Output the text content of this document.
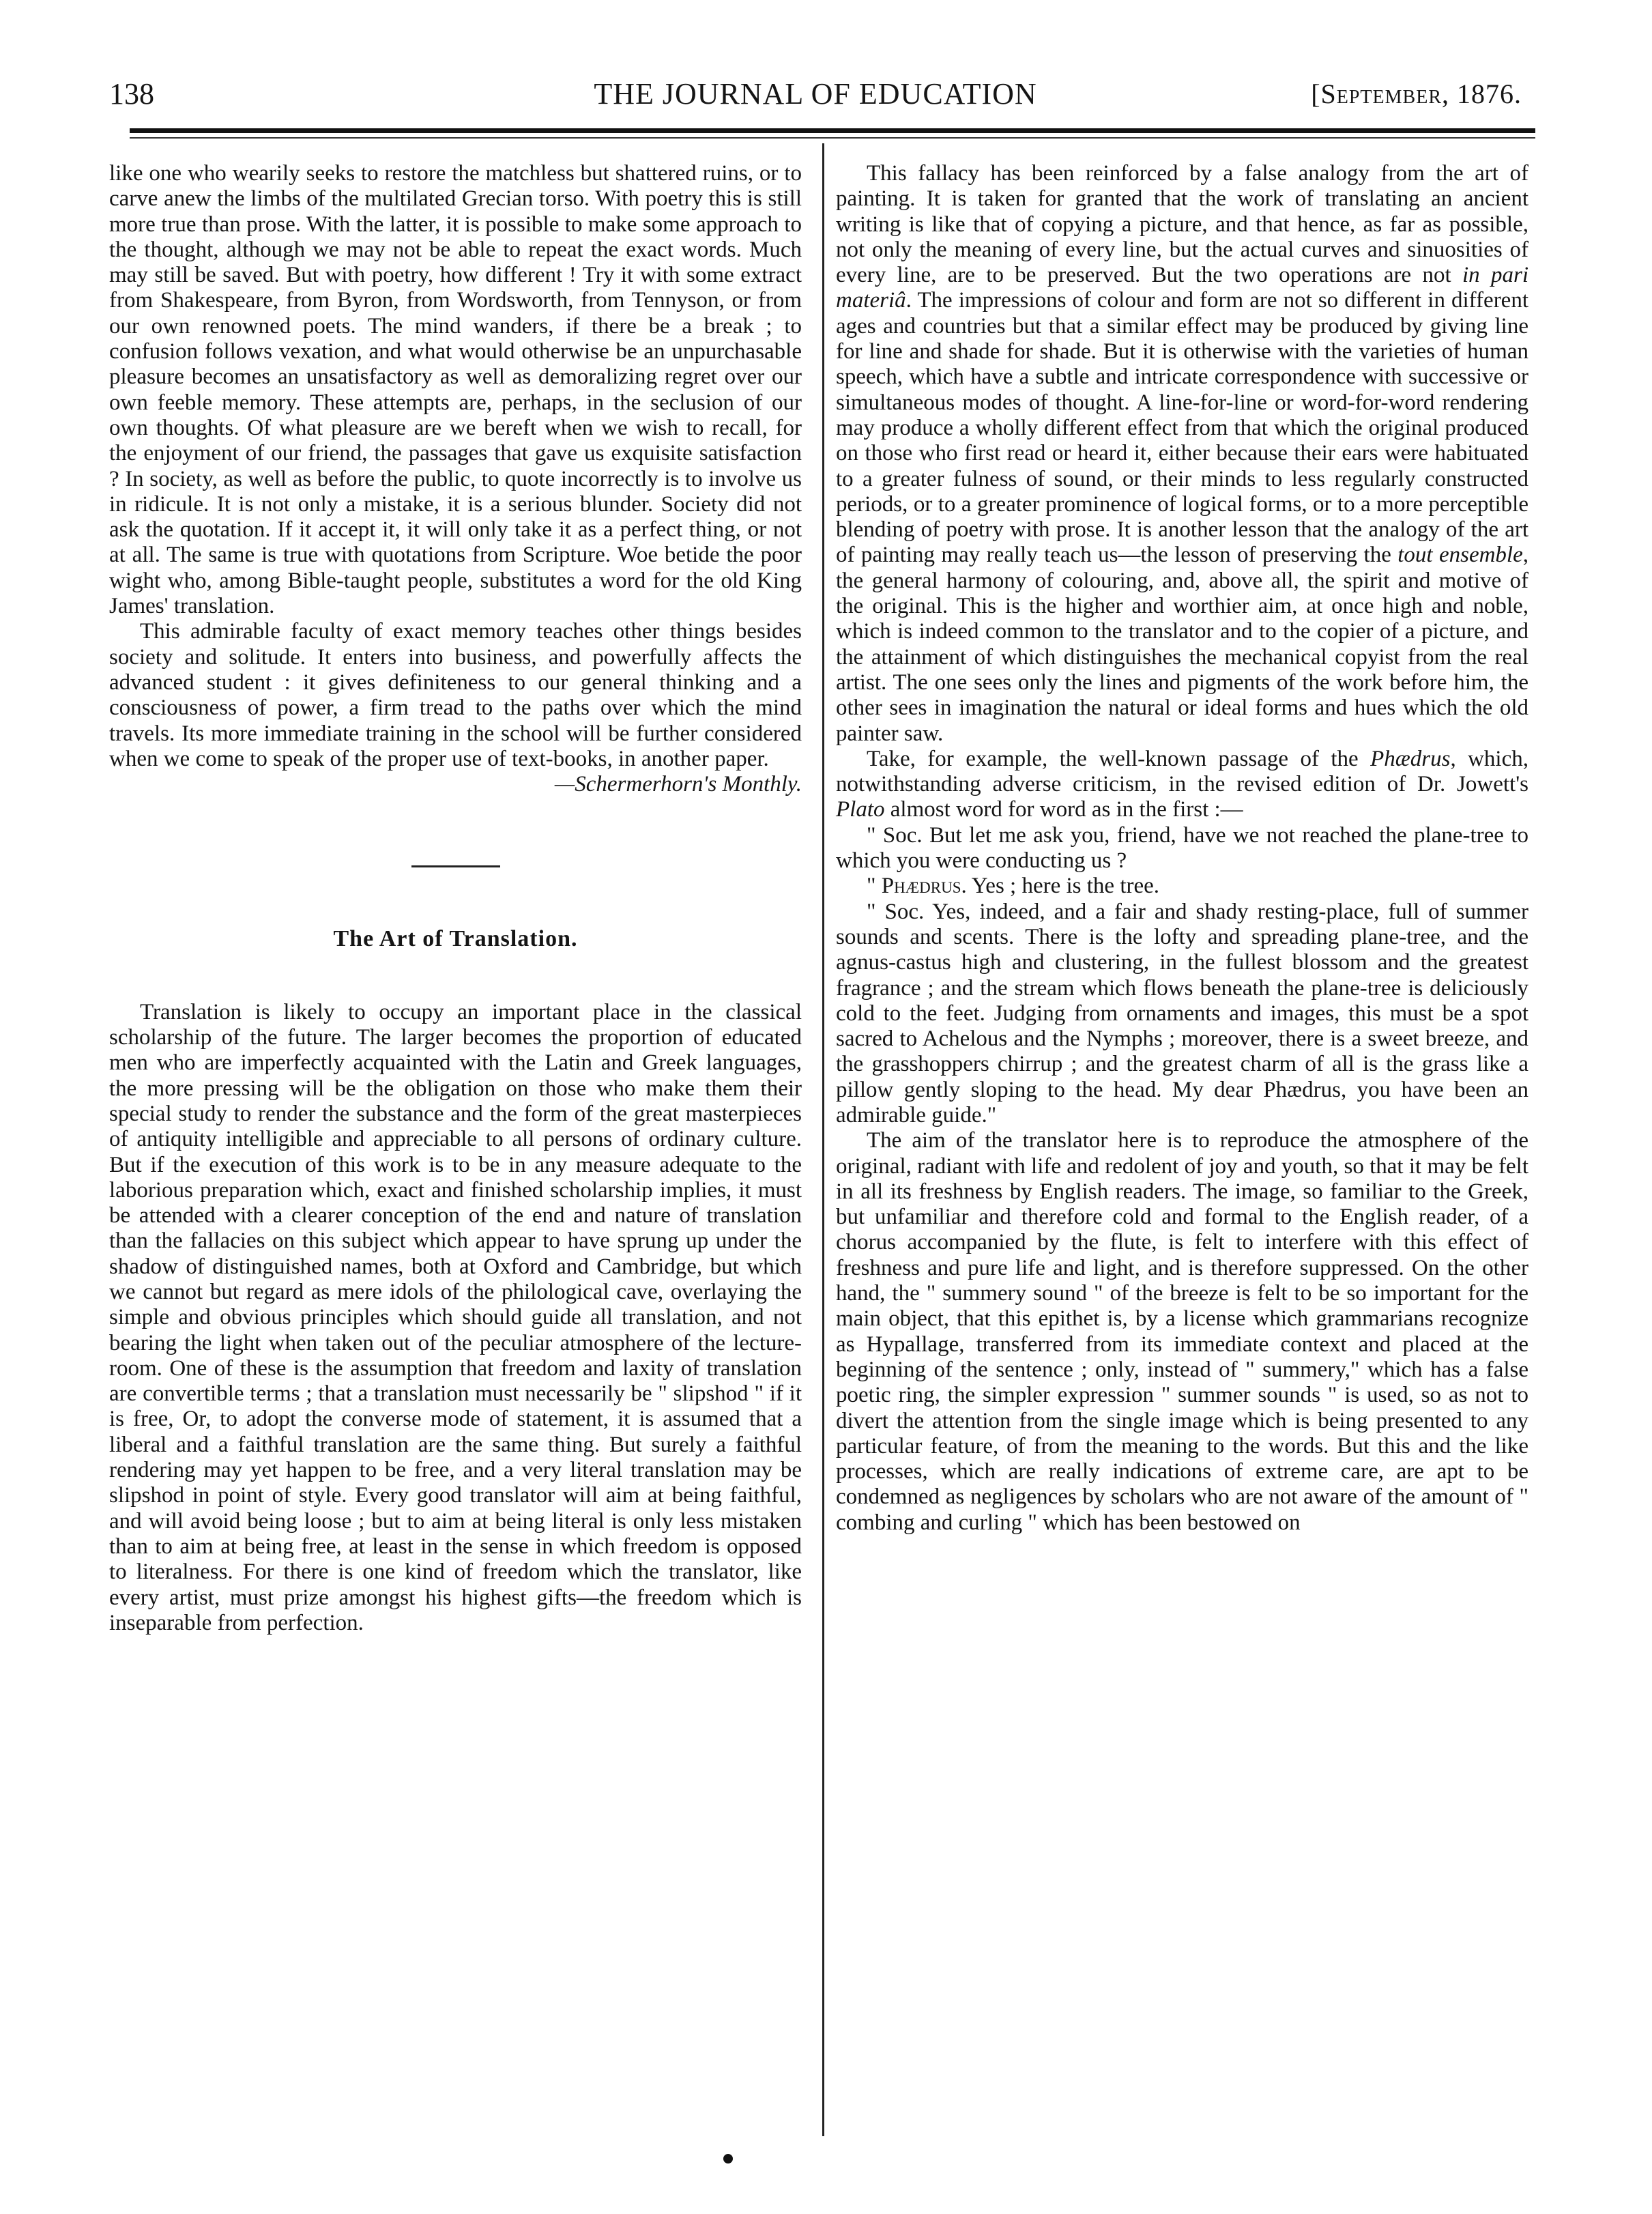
138	THE JOURNAL OF EDUCATION	[September, 1876.

like one who wearily seeks to restore the matchless but shattered ruins, or to carve anew the limbs of the multilated Grecian torso. With poetry this is still more true than prose. With the latter, it is possible to make some approach to the thought, although we may not be able to repeat the exact words. Much may still be saved. But with poetry, how different ! Try it with some extract from Shakespeare, from Byron, from Wordsworth, from Tennyson, or from our own renowned poets. The mind wanders, if there be a break ; to confusion follows vexation, and what would otherwise be an unpurchasable pleasure becomes an unsatisfactory as well as demoralizing regret over our own feeble memory. These attempts are, perhaps, in the seclusion of our own thoughts. Of what pleasure are we bereft when we wish to recall, for the enjoyment of our friend, the passages that gave us exquisite satisfaction ? In society, as well as before the public, to quote incorrectly is to involve us in ridicule. It is not only a mistake, it is a serious blunder. Society did not ask the quotation. If it accept it, it will only take it as a perfect thing, or not at all. The same is true with quotations from Scripture. Woe betide the poor wight who, among Bible-taught people, substitutes a word for the old King James' translation.

This admirable faculty of exact memory teaches other things besides society and solitude. It enters into business, and powerfully affects the advanced student : it gives definiteness to our general thinking and a consciousness of power, a firm tread to the paths over which the mind travels. Its more immediate training in the school will be further considered when we come to speak of the proper use of text-books, in another paper.

—Schermerhorn's Monthly.

The Art of Translation.

Translation is likely to occupy an important place in the classical scholarship of the future. The larger becomes the proportion of educated men who are imperfectly acquainted with the Latin and Greek languages, the more pressing will be the obligation on those who make them their special study to render the substance and the form of the great masterpieces of antiquity intelligible and appreciable to all persons of ordinary culture. But if the execution of this work is to be in any measure adequate to the laborious preparation which, exact and finished scholarship implies, it must be attended with a clearer conception of the end and nature of translation than the fallacies on this subject which appear to have sprung up under the shadow of distinguished names, both at Oxford and Cambridge, but which we cannot but regard as mere idols of the philological cave, overlaying the simple and obvious principles which should guide all translation, and not bearing the light when taken out of the peculiar atmosphere of the lecture-room. One of these is the assumption that freedom and laxity of translation are convertible terms ; that a translation must necessarily be " slipshod " if it is free, Or, to adopt the converse mode of statement, it is assumed that a liberal and a faithful translation are the same thing. But surely a faithful rendering may yet happen to be free, and a very literal translation may be slipshod in point of style. Every good translator will aim at being faithful, and will avoid being loose ; but to aim at being literal is only less mistaken than to aim at being free, at least in the sense in which freedom is opposed to literalness. For there is one kind of freedom which the translator, like every artist, must prize amongst his highest gifts—the freedom which is inseparable from perfection.

This fallacy has been reinforced by a false analogy from the art of painting. It is taken for granted that the work of translating an ancient writing is like that of copying a picture, and that hence, as far as possible, not only the meaning of every line, but the actual curves and sinuosities of every line, are to be preserved. But the two operations are not in pari materiâ. The impressions of colour and form are not so different in different ages and countries but that a similar effect may be produced by giving line for line and shade for shade. But it is otherwise with the varieties of human speech, which have a subtle and intricate correspondence with successive or simultaneous modes of thought. A line-for-line or word-for-word rendering may produce a wholly different effect from that which the original produced on those who first read or heard it, either because their ears were habituated to a greater fulness of sound, or their minds to less regularly constructed periods, or to a greater prominence of logical forms, or to a more perceptible blending of poetry with prose. It is another lesson that the analogy of the art of painting may really teach us—the lesson of preserving the tout ensemble, the general harmony of colouring, and, above all, the spirit and motive of the original. This is the higher and worthier aim, at once high and noble, which is indeed common to the translator and to the copier of a picture, and the attainment of which distinguishes the mechanical copyist from the real artist. The one sees only the lines and pigments of the work before him, the other sees in imagination the natural or ideal forms and hues which the old painter saw.

Take, for example, the well-known passage of the Phædrus, which, notwithstanding adverse criticism, in the revised edition of Dr. Jowett's Plato almost word for word as in the first :—

" Soc. But let me ask you, friend, have we not reached the plane-tree to which you were conducting us ?

" Phædrus. Yes ; here is the tree.

" Soc. Yes, indeed, and a fair and shady resting-place, full of summer sounds and scents. There is the lofty and spreading plane-tree, and the agnus-castus high and clustering, in the fullest blossom and the greatest fragrance ; and the stream which flows beneath the plane-tree is deliciously cold to the feet. Judging from ornaments and images, this must be a spot sacred to Achelous and the Nymphs ; moreover, there is a sweet breeze, and the grasshoppers chirrup ; and the greatest charm of all is the grass like a pillow gently sloping to the head. My dear Phædrus, you have been an admirable guide."

The aim of the translator here is to reproduce the atmosphere of the original, radiant with life and redolent of joy and youth, so that it may be felt in all its freshness by English readers. The image, so familiar to the Greek, but unfamiliar and therefore cold and formal to the English reader, of a chorus accompanied by the flute, is felt to interfere with this effect of freshness and pure life and light, and is therefore suppressed. On the other hand, the " summery sound " of the breeze is felt to be so important for the main object, that this epithet is, by a license which grammarians recognize as Hypallage, transferred from its immediate context and placed at the beginning of the sentence ; only, instead of " summery," which has a false poetic ring, the simpler expression " summer sounds " is used, so as not to divert the attention from the single image which is being presented to any particular feature, of from the meaning to the words. But this and the like processes, which are really indications of extreme care, are apt to be condemned as negligences by scholars who are not aware of the amount of " combing and curling " which has been bestowed on
